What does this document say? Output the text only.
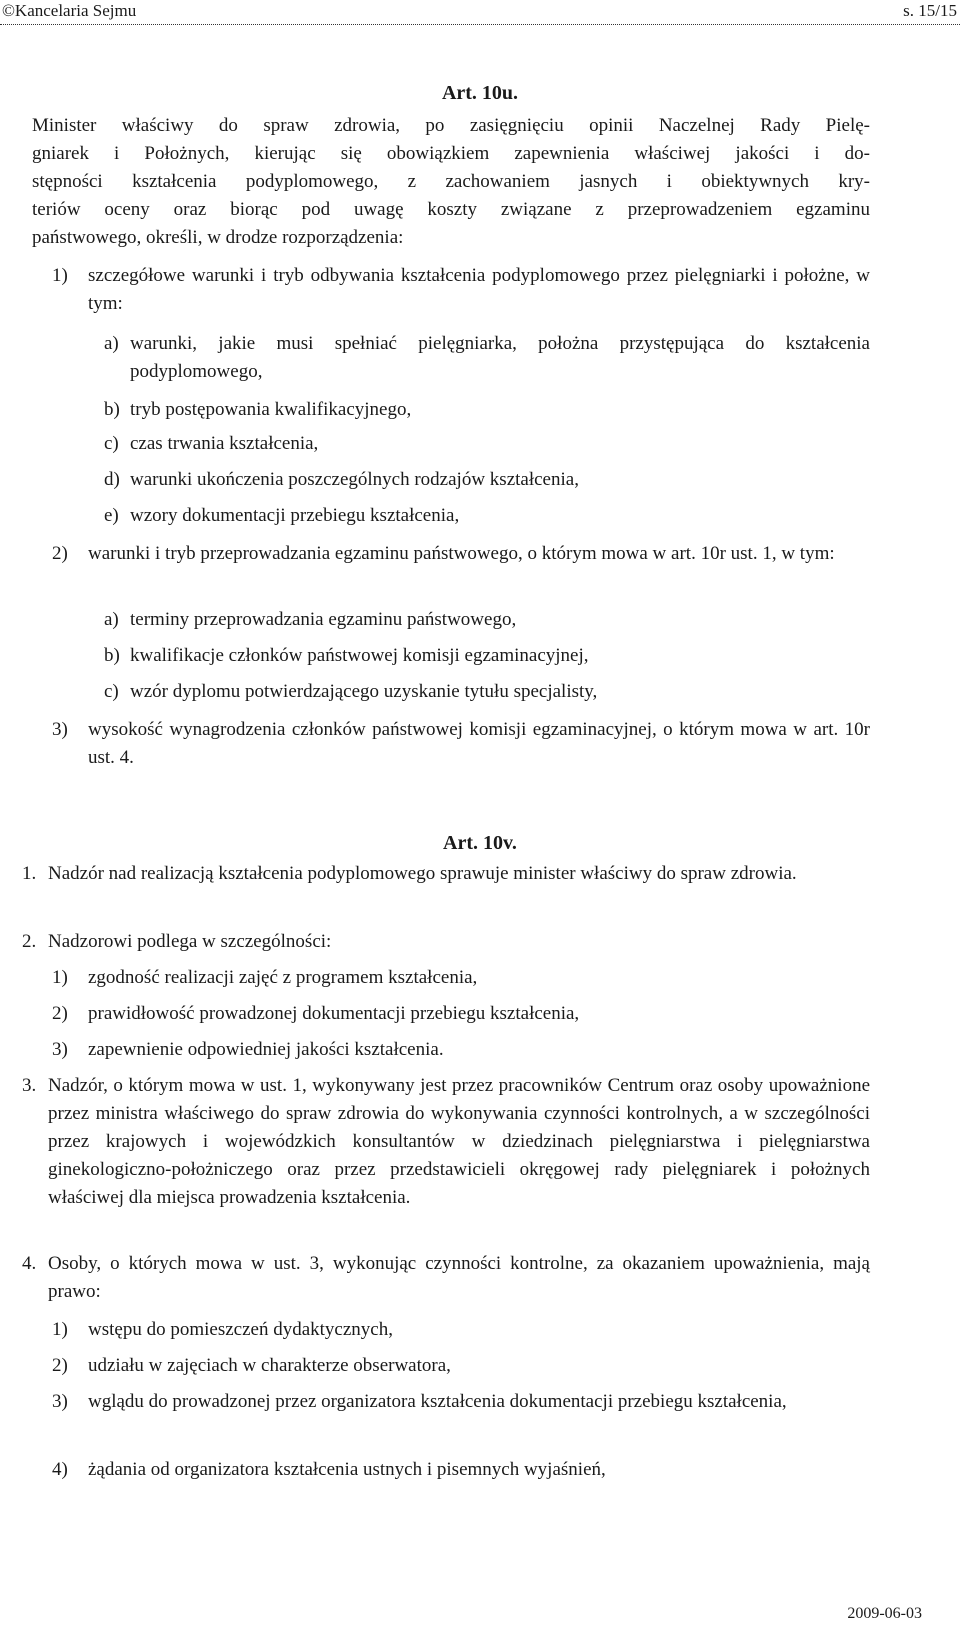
©Kancelaria Sejmu	s. 15/15
Art. 10u.
Minister właściwy do spraw zdrowia, po zasięgnięciu opinii Naczelnej Rady Pielę-
gniarek i Położnych, kierując się obowiązkiem zapewnienia właściwej jakości i do-
stępności kształcenia podyplomowego, z zachowaniem jasnych i obiektywnych kry-
teriów oceny oraz biorąc pod uwagę koszty związane z przeprowadzeniem egzaminu
państwowego, określi, w drodze rozporządzenia:
1)	szczegółowe warunki i tryb odbywania kształcenia podyplomowego przez pielęgniarki i położne, w tym:
a) warunki, jakie musi spełniać pielęgniarka, położna przystępująca do kształcenia podyplomowego,
b) tryb postępowania kwalifikacyjnego,
c) czas trwania kształcenia,
d) warunki ukończenia poszczególnych rodzajów kształcenia,
e) wzory dokumentacji przebiegu kształcenia,
2)	warunki i tryb przeprowadzania egzaminu państwowego, o którym mowa w art. 10r ust. 1, w tym:
a) terminy przeprowadzania egzaminu państwowego,
b) kwalifikacje członków państwowej komisji egzaminacyjnej,
c) wzór dyplomu potwierdzającego uzyskanie tytułu specjalisty,
3)	wysokość wynagrodzenia członków państwowej komisji egzaminacyjnej, o którym mowa w art. 10r ust. 4.
Art. 10v.
1. Nadzór nad realizacją kształcenia podyplomowego sprawuje minister właściwy do spraw zdrowia.
2. Nadzorowi podlega w szczególności:
1)	zgodność realizacji zajęć z programem kształcenia,
2)	prawidłowość prowadzonej dokumentacji przebiegu kształcenia,
3)	zapewnienie odpowiedniej jakości kształcenia.
3. Nadzór, o którym mowa w ust. 1, wykonywany jest przez pracowników Centrum oraz osoby upoważnione przez ministra właściwego do spraw zdrowia do wykonywania czynności kontrolnych, a w szczególności przez krajowych i wojewódzkich konsultantów w dziedzinach pielęgniarstwa i pielęgniarstwa ginekologiczno-położniczego oraz przez przedstawicieli okręgowej rady pielęgniarek i położnych właściwej dla miejsca prowadzenia kształcenia.
4. Osoby, o których mowa w ust. 3, wykonując czynności kontrolne, za okazaniem upoważnienia, mają prawo:
1)	wstępu do pomieszczeń dydaktycznych,
2)	udziału w zajęciach w charakterze obserwatora,
3)	wglądu do prowadzonej przez organizatora kształcenia dokumentacji przebiegu kształcenia,
4)	żądania od organizatora kształcenia ustnych i pisemnych wyjaśnień,
2009-06-03
